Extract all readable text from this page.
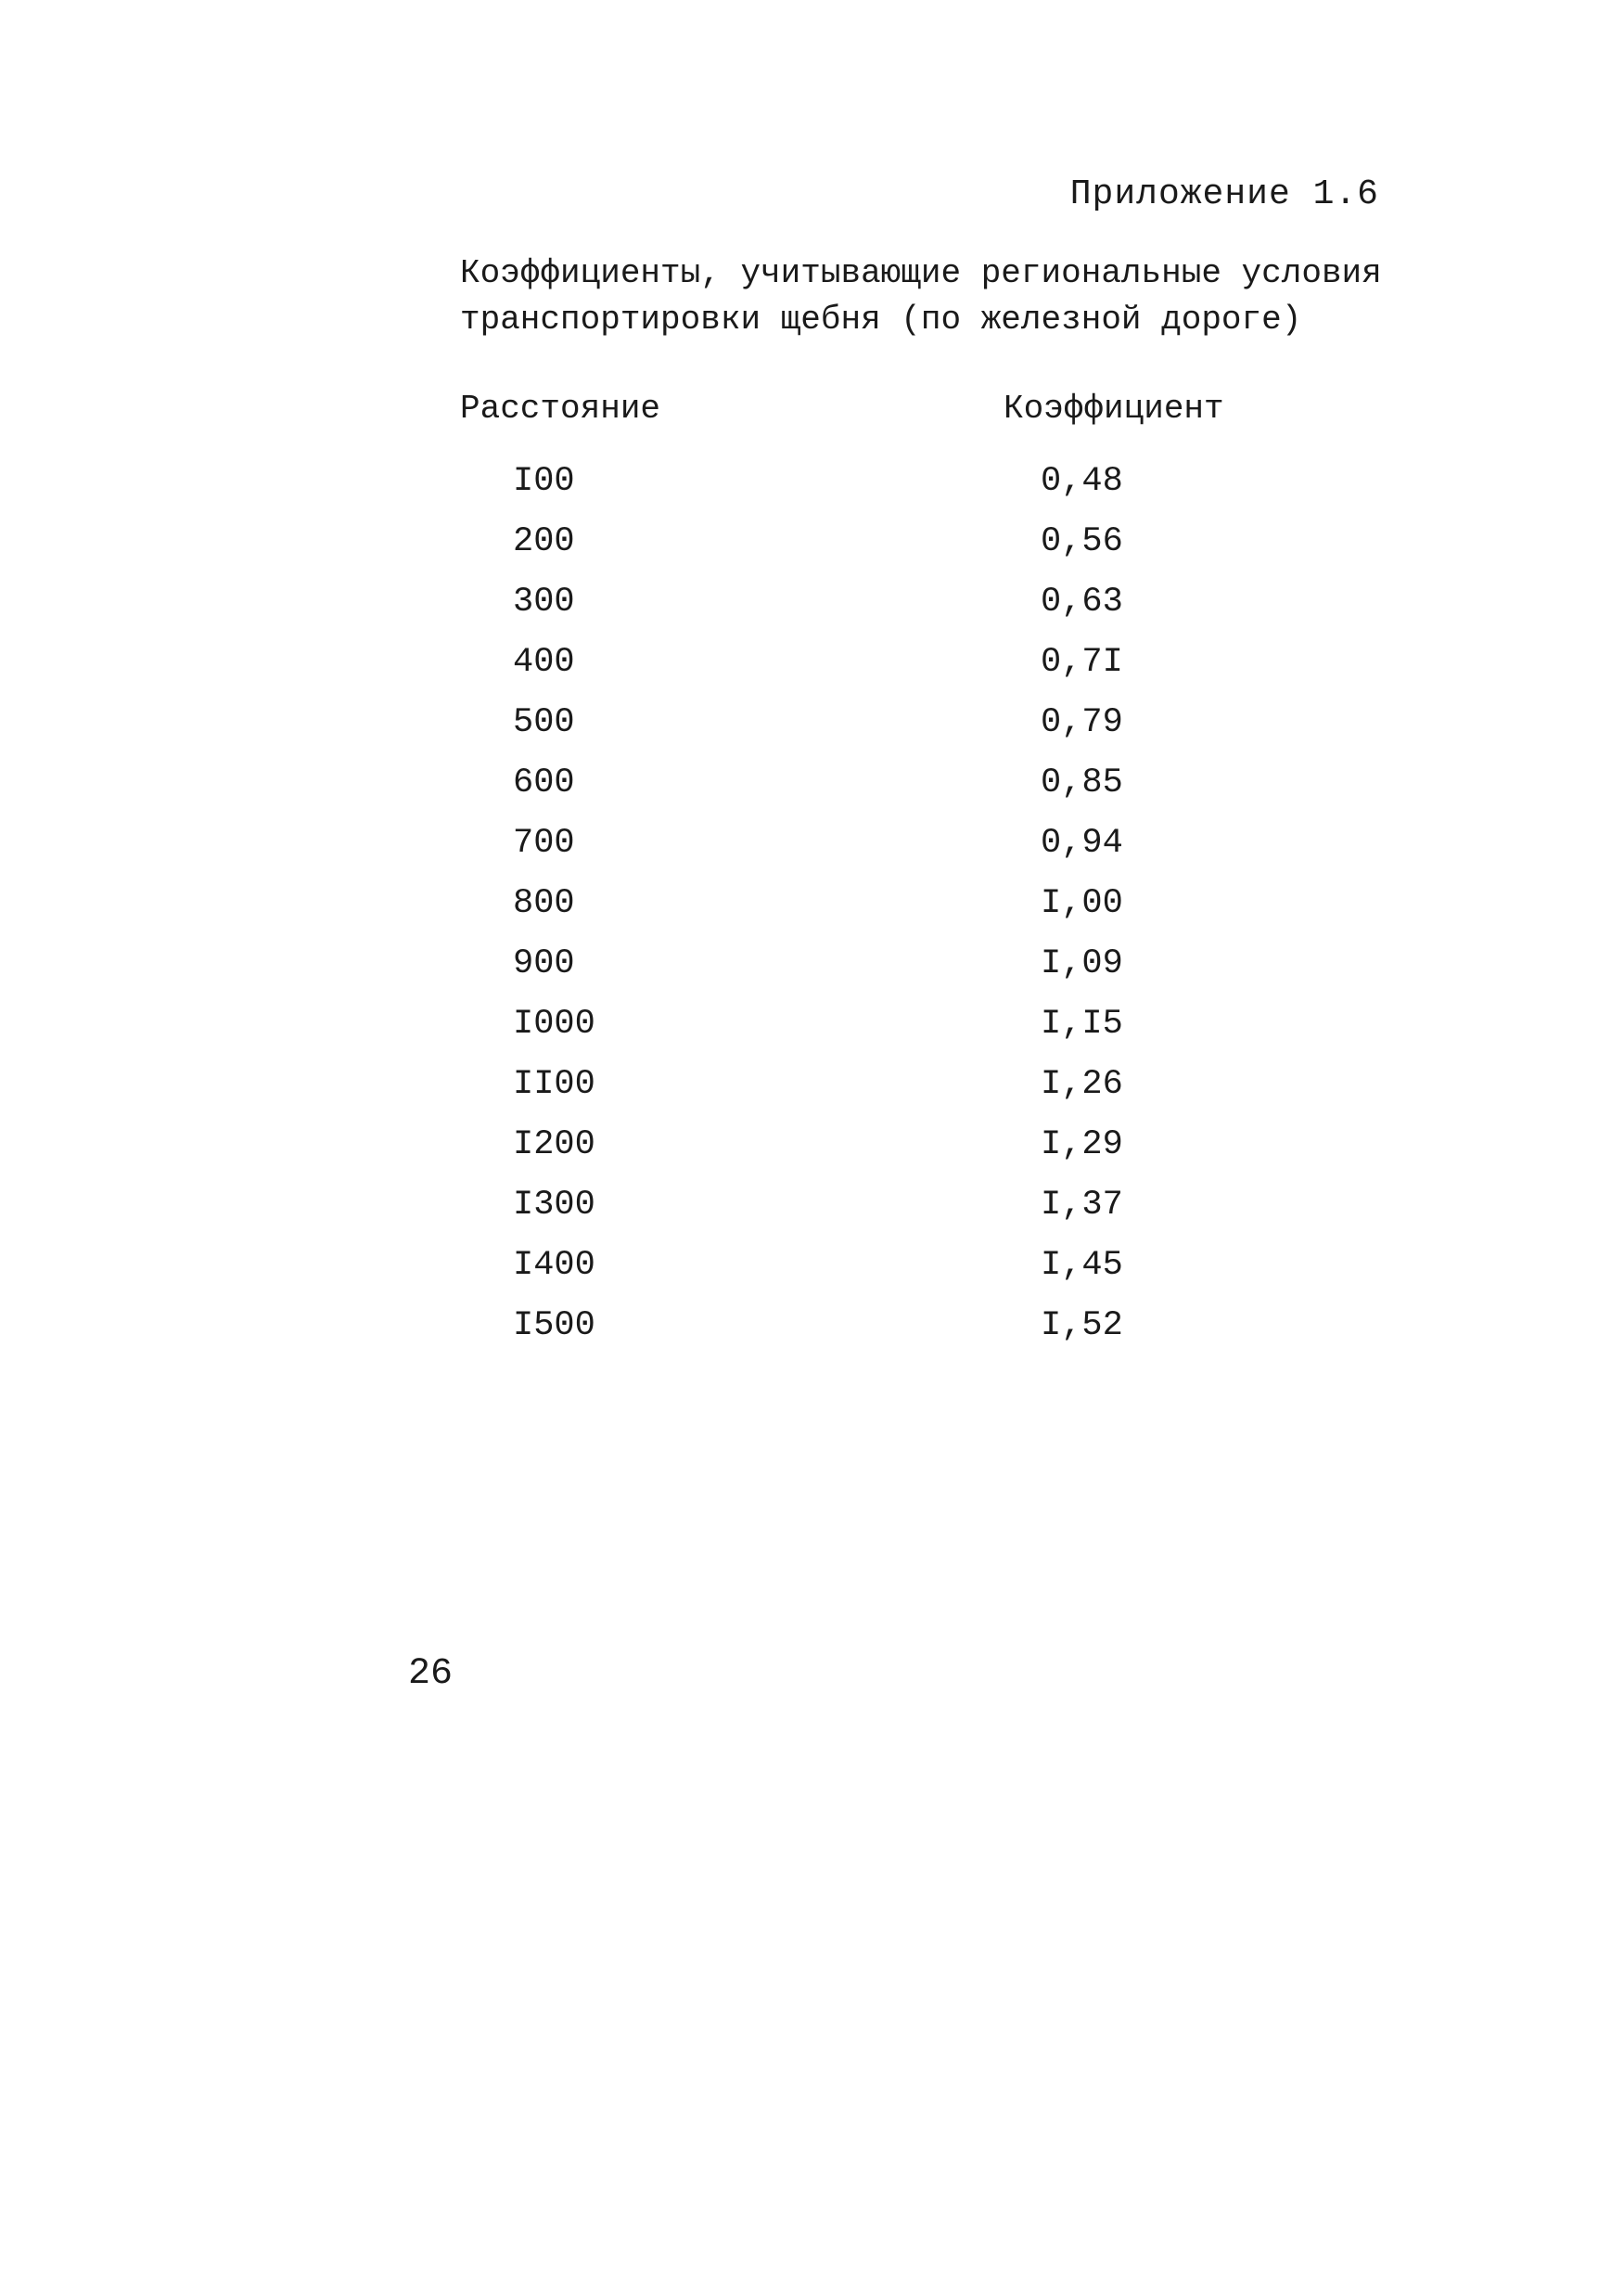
Приложение 1.6
Коэффициенты, учитывающие региональные условия
транспортировки щебня (по железной дороге)
Расстояние	Коэффициент
I00	0,48
200	0,56
300	0,63
400	0,7I
500	0,79
600	0,85
700	0,94
800	I,00
900	I,09
I000	I,I5
II00	I,26
I200	I,29
I300	I,37
I400	I,45
I500	I,52
26
